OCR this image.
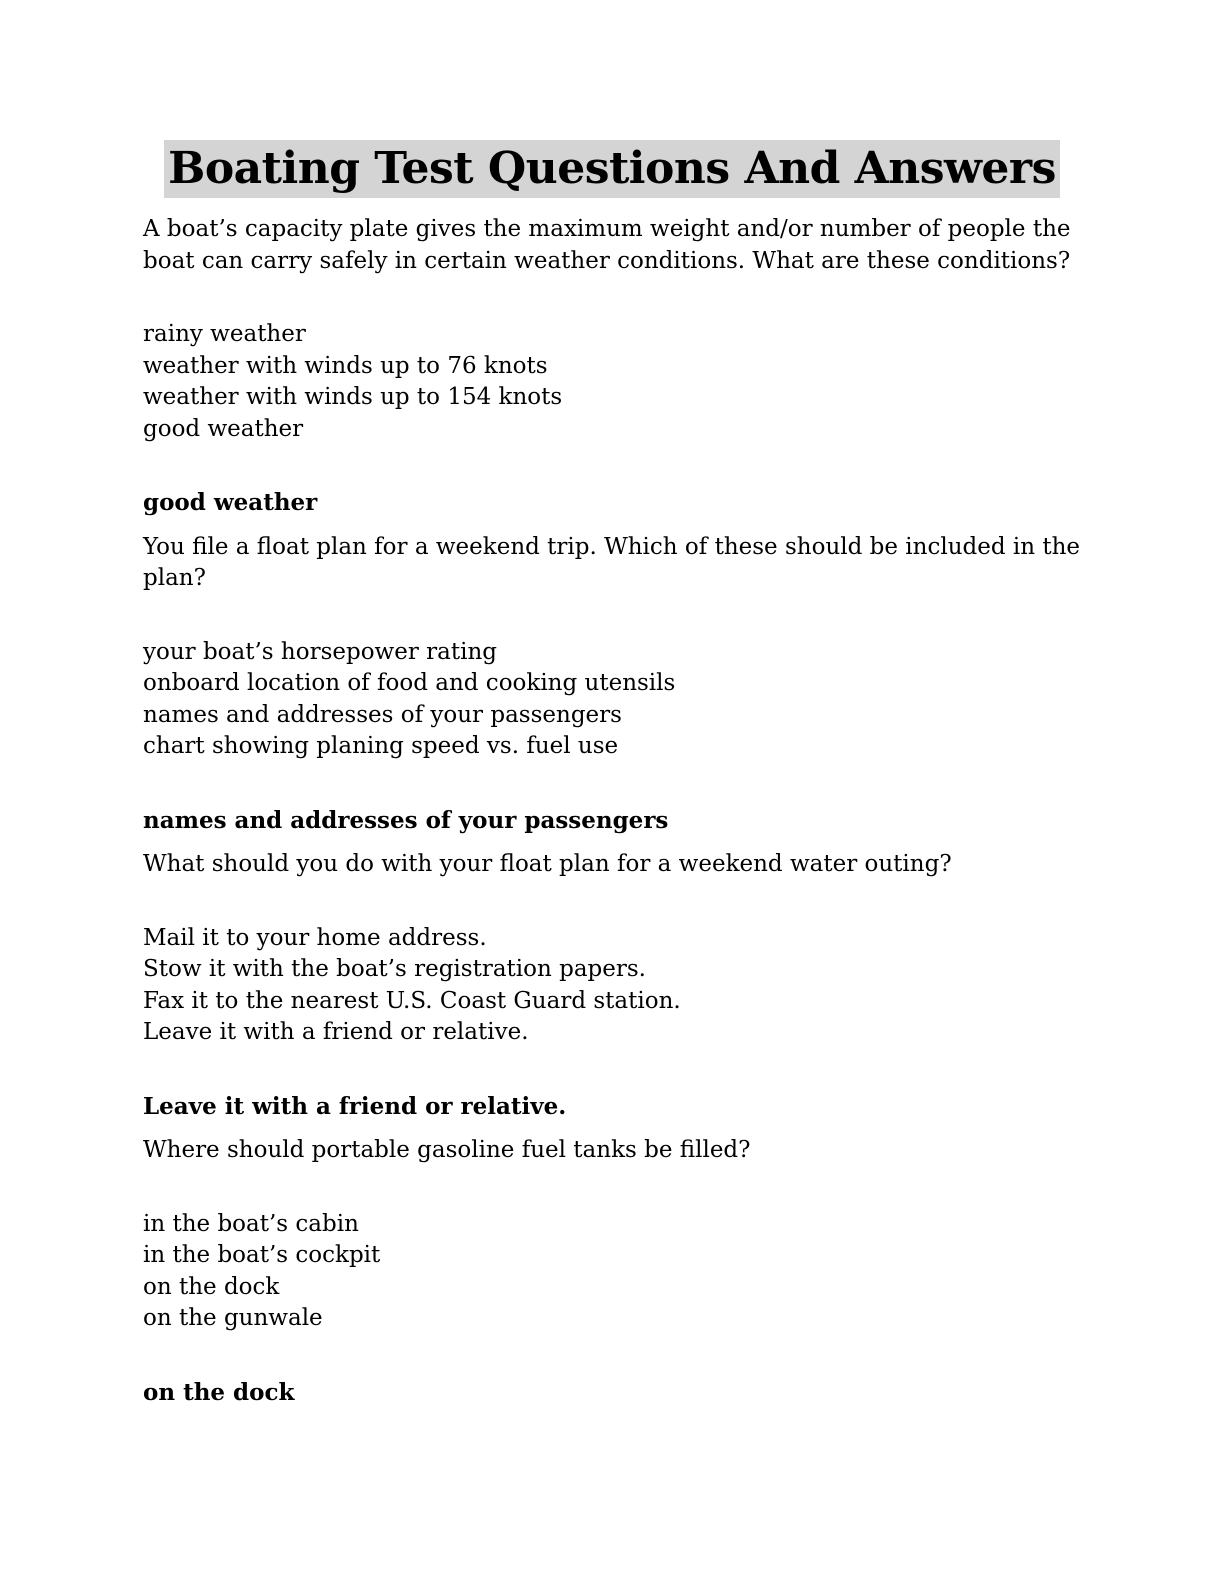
Boating Test Questions And Answers

A boat’s capacity plate gives the maximum weight and/or number of people the boat can carry safely in certain weather conditions. What are these conditions?

rainy weather
weather with winds up to 76 knots
weather with winds up to 154 knots
good weather

good weather

You file a float plan for a weekend trip. Which of these should be included in the plan?

your boat’s horsepower rating
onboard location of food and cooking utensils
names and addresses of your passengers
chart showing planing speed vs. fuel use

names and addresses of your passengers

What should you do with your float plan for a weekend water outing?

Mail it to your home address.
Stow it with the boat’s registration papers.
Fax it to the nearest U.S. Coast Guard station.
Leave it with a friend or relative.

Leave it with a friend or relative.

Where should portable gasoline fuel tanks be filled?

in the boat’s cabin
in the boat’s cockpit
on the dock
on the gunwale

on the dock
